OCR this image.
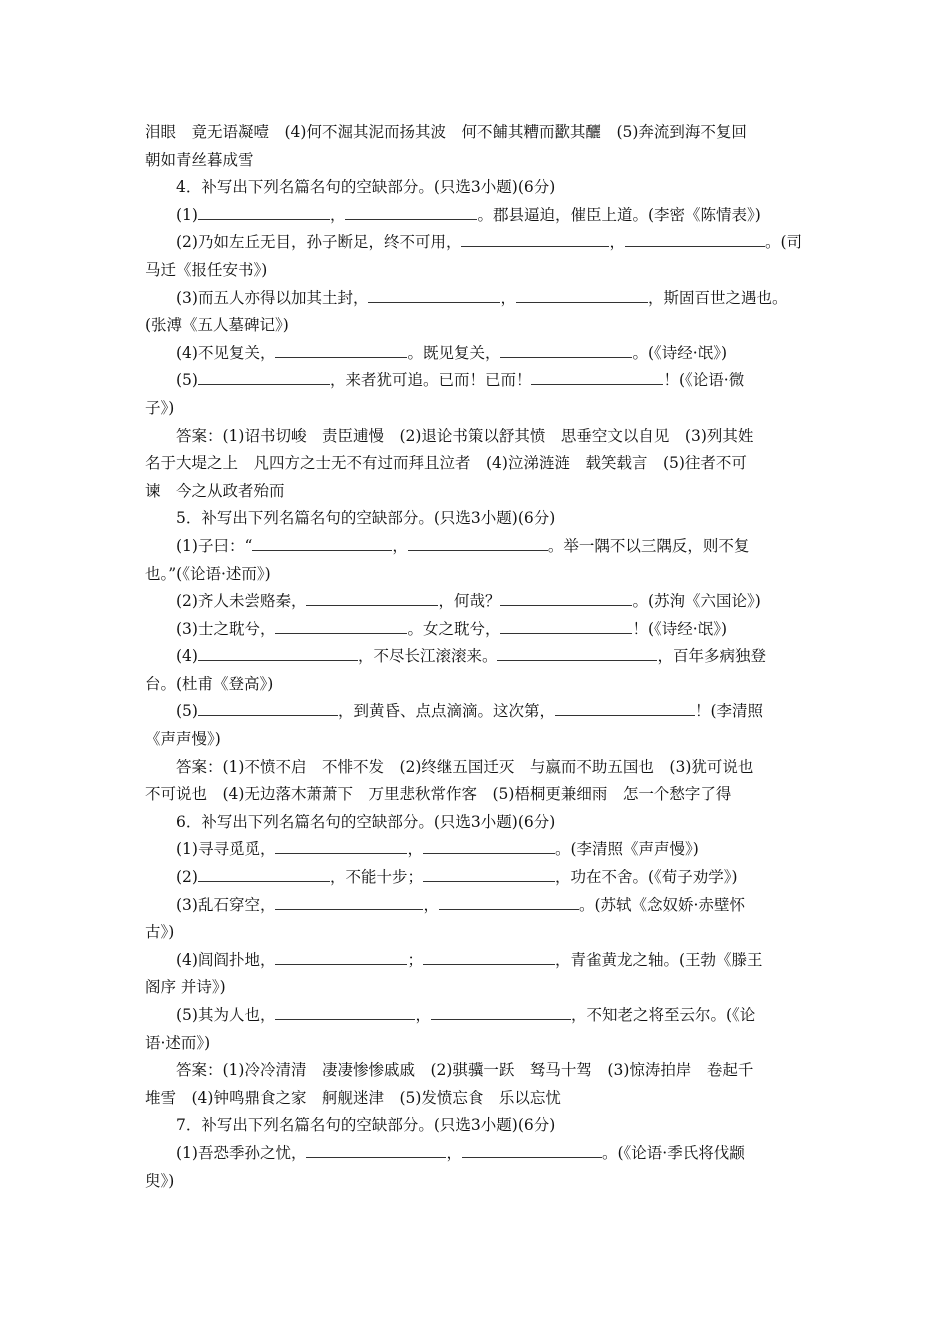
泪眼　竟无语凝噎　(4)何不淈其泥而扬其波　何不餔其糟而歠其釃　(5)奔流到海不复回

朝如青丝暮成雪

4．补写出下列名篇名句的空缺部分。(只选3小题)(6分)

(1)	，	。郡县逼迫，催臣上道。(李密《陈情表》)

(2)乃如左丘无目，孙子断足，终不可用，	，	。(司

马迁《报任安书》)

(3)而五人亦得以加其土封，	，	，斯固百世之遇也。

(张溥《五人墓碑记》)

(4)不见复关，	。既见复关，	。(《诗经·氓》)

(5)	，来者犹可追。已而！已而！	！(《论语·微

子》)

答案：(1)诏书切峻　责臣逋慢　(2)退论书策以舒其愤　思垂空文以自见　(3)列其姓

名于大堤之上　凡四方之士无不有过而拜且泣者　(4)泣涕涟涟　载笑载言　(5)往者不可

谏　今之从政者殆而

5．补写出下列名篇名句的空缺部分。(只选3小题)(6分)

(1)子曰：“	，	。举一隅不以三隅反，则不复

也。”(《论语·述而》)

(2)齐人未尝赂秦，	，何哉？	。(苏洵《六国论》)

(3)士之耽兮，	。女之耽兮，	！(《诗经·氓》)

(4)	，不尽长江滚滚来。	，百年多病独登

台。(杜甫《登高》)

(5)	，到黄昏、点点滴滴。这次第，	！(李清照

《声声慢》)

答案：(1)不愤不启　不悱不发　(2)终继五国迁灭　与嬴而不助五国也　(3)犹可说也

不可说也　(4)无边落木萧萧下　万里悲秋常作客　(5)梧桐更兼细雨　怎一个愁字了得

6．补写出下列名篇名句的空缺部分。(只选3小题)(6分)

(1)寻寻觅觅，	，	。(李清照《声声慢》)

(2)	，不能十步；	，功在不舍。(《荀子劝学》)

(3)乱石穿空，	，	。(苏轼《念奴娇·赤壁怀

古》)

(4)闾阎扑地，	；	，青雀黄龙之轴。(王勃《滕王

阁序 并诗》)

(5)其为人也，	，	，不知老之将至云尔。(《论

语·述而》)

答案：(1)冷冷清清　凄凄惨惨戚戚　(2)骐骥一跃　驽马十驾　(3)惊涛拍岸　卷起千

堆雪　(4)钟鸣鼎食之家　舸舰迷津　(5)发愤忘食　乐以忘忧

7．补写出下列名篇名句的空缺部分。(只选3小题)(6分)

(1)吾恐季孙之忧，	，	。(《论语·季氏将伐颛

臾》)
